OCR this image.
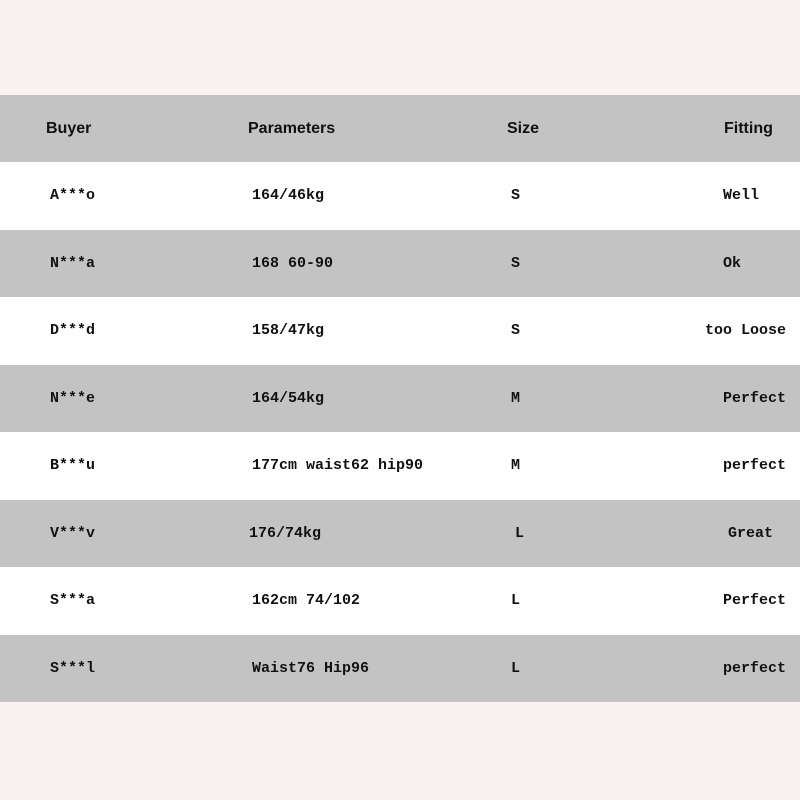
Buyer	Parameters	Size	Fitting
A***o	164/46kg	S	Well
N***a	168 60-90	S	Ok
D***d	158/47kg	S	too Loose
N***e	164/54kg	M	Perfect
B***u	177cm waist62 hip90	M	perfect
V***v	176/74kg	L	Great
S***a	162cm 74/102	L	Perfect
S***l	Waist76 Hip96	L	perfect
